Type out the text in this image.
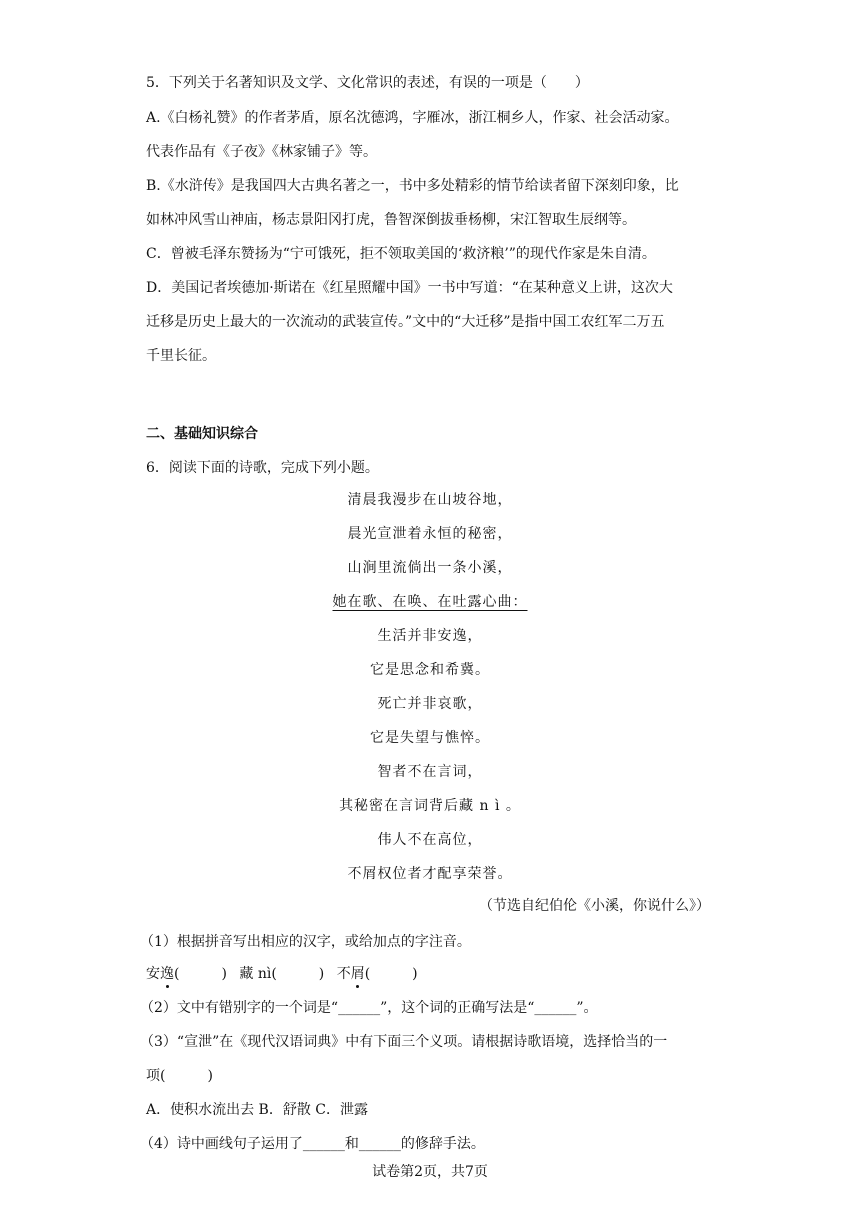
5．下列关于名著知识及文学、文化常识的表述，有误的一项是（　　）
A.《白杨礼赞》的作者茅盾，原名沈德鸿，字雁冰，浙江桐乡人，作家、社会活动家。
代表作品有《子夜》《林家铺子》等。
B.《水浒传》是我国四大古典名著之一，书中多处精彩的情节给读者留下深刻印象，比
如林冲风雪山神庙，杨志景阳冈打虎，鲁智深倒拔垂杨柳，宋江智取生辰纲等。
C．曾被毛泽东赞扬为“宁可饿死，拒不领取美国的‘救济粮’”的现代作家是朱自清。
D．美国记者埃德加·斯诺在《红星照耀中国》一书中写道：“在某种意义上讲，这次大
迁移是历史上最大的一次流动的武装宣传。”文中的“大迁移”是指中国工农红军二万五
千里长征。
二、基础知识综合
6．阅读下面的诗歌，完成下列小题。
清晨我漫步在山坡谷地，
晨光宣泄着永恒的秘密，
山涧里流倘出一条小溪，
她在歌、在唤、在吐露心曲：
生活并非安逸，
它是思念和希冀。
死亡并非哀歌，
它是失望与憔悴。
智者不在言词，
其秘密在言词背后藏 n ì 。
伟人不在高位，
不屑权位者才配享荣誉。
（节选自纪伯伦《小溪，你说什么》）
（1）根据拼音写出相应的汉字，或给加点的字注音。
安逸(　　　) 藏 nì(　　　) 不屑(　　　)
（2）文中有错别字的一个词是“______”，这个词的正确写法是“______”。
（3）“宣泄”在《现代汉语词典》中有下面三个义项。请根据诗歌语境，选择恰当的一
项(　　　)
A．使积水流出去 B．舒散 C．泄露
（4）诗中画线句子运用了______和______的修辞手法。
试卷第2页，共7页
